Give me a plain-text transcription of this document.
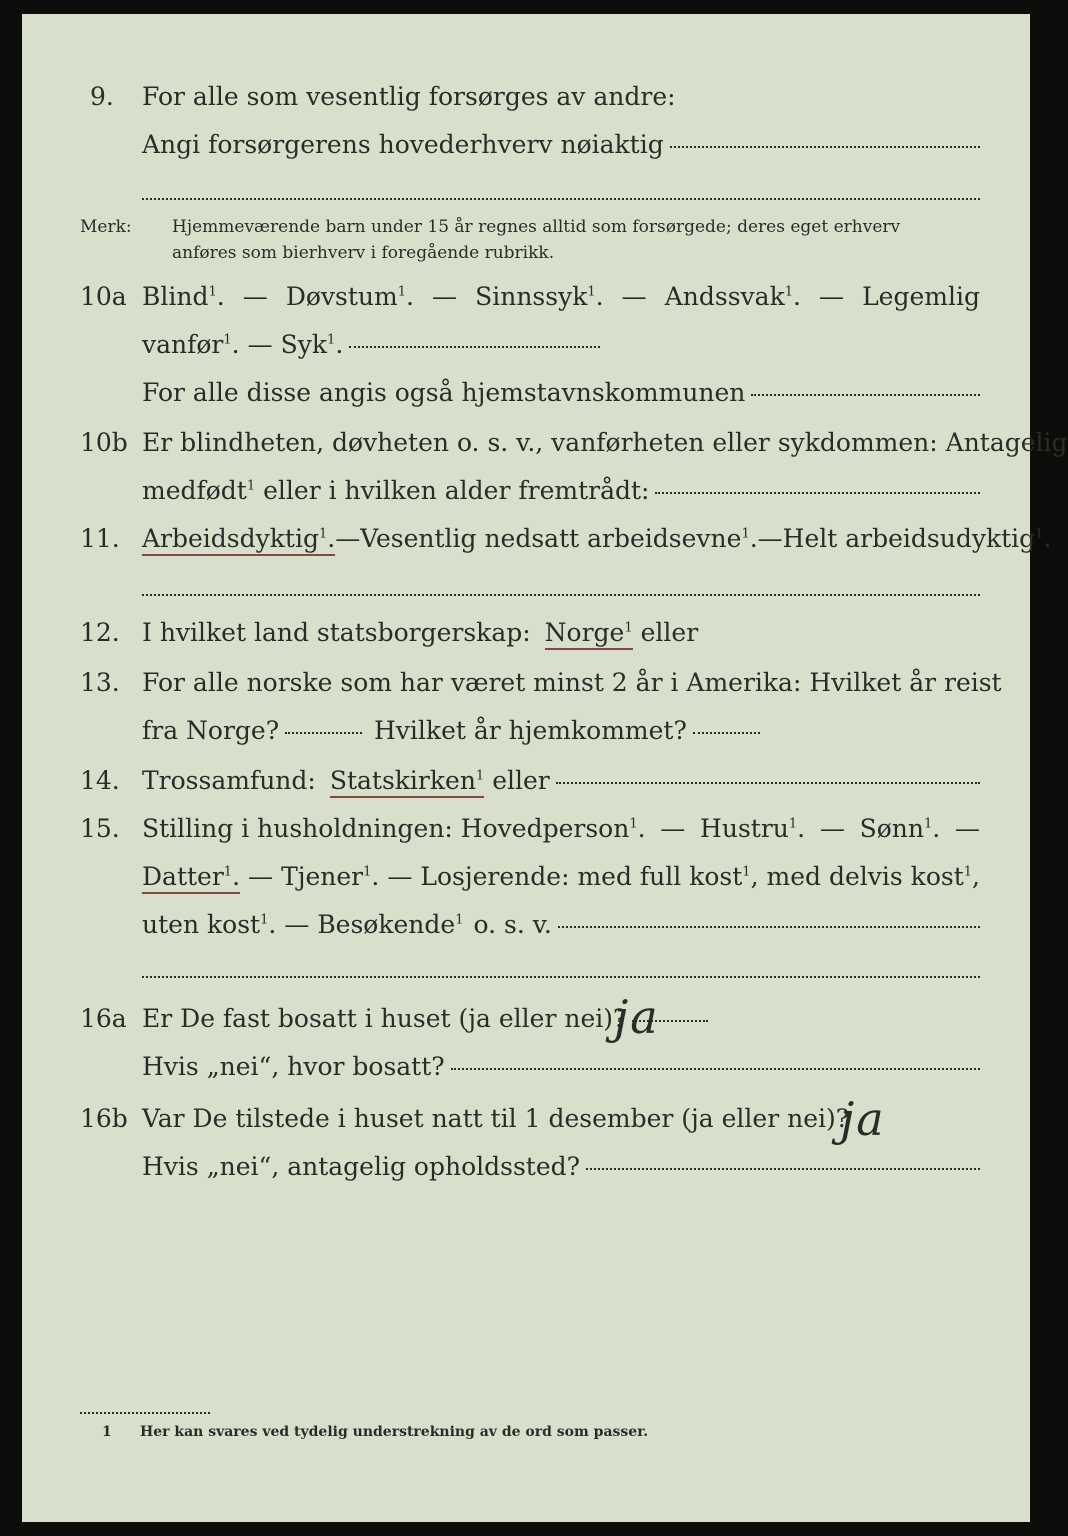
9. For alle som vesentlig forsørges av andre:
Angi forsørgerens hovederhverv nøiaktig
Merk: Hjemmeværende barn under 15 år regnes alltid som forsørgede; deres eget erhverv
anføres som bierhverv i foregående rubrikk.
10a Blind$^1$. — Døvstum$^1$. — Sinnssyk$^1$. — Andssvak$^1$. — Legemlig
vanfør$^1$. — Syk$^1$.
For alle disse angis også hjemstavnskommunen
10b Er blindheten, døvheten o. s. v., vanførheten eller sykdommen: Antagelig
medfødt$^1$ eller i hvilken alder fremtrådt:
11. Arbeidsdyktig$^1$. — Vesentlig nedsatt arbeidsevne$^1$. — Helt arbeidsudyktig$^1$.
12. I hvilket land statsborgerskap: Norge$^1$ eller
13. For alle norske som har været minst 2 år i Amerika: Hvilket år reist
fra Norge?	Hvilket år hjemkommet?
14. Trossamfund: Statskirken$^1$ eller
15. Stilling i husholdningen: Hovedperson$^1$. — Hustru$^1$. — Sønn$^1$. —
Datter$^1$. — Tjener$^1$. — Losjerende: med full kost$^1$, med delvis kost$^1$,
uten kost$^1$. — Besøkende$^1$ o. s. v.
16a Er De fast bosatt i huset (ja eller nei)?
ja
Hvis „nei“, hvor bosatt?
16b Var De tilstede i huset natt til 1 desember (ja eller nei)?
ja
Hvis „nei“, antagelig opholdssted?
1 Her kan svares ved tydelig understrekning av de ord som passer.
